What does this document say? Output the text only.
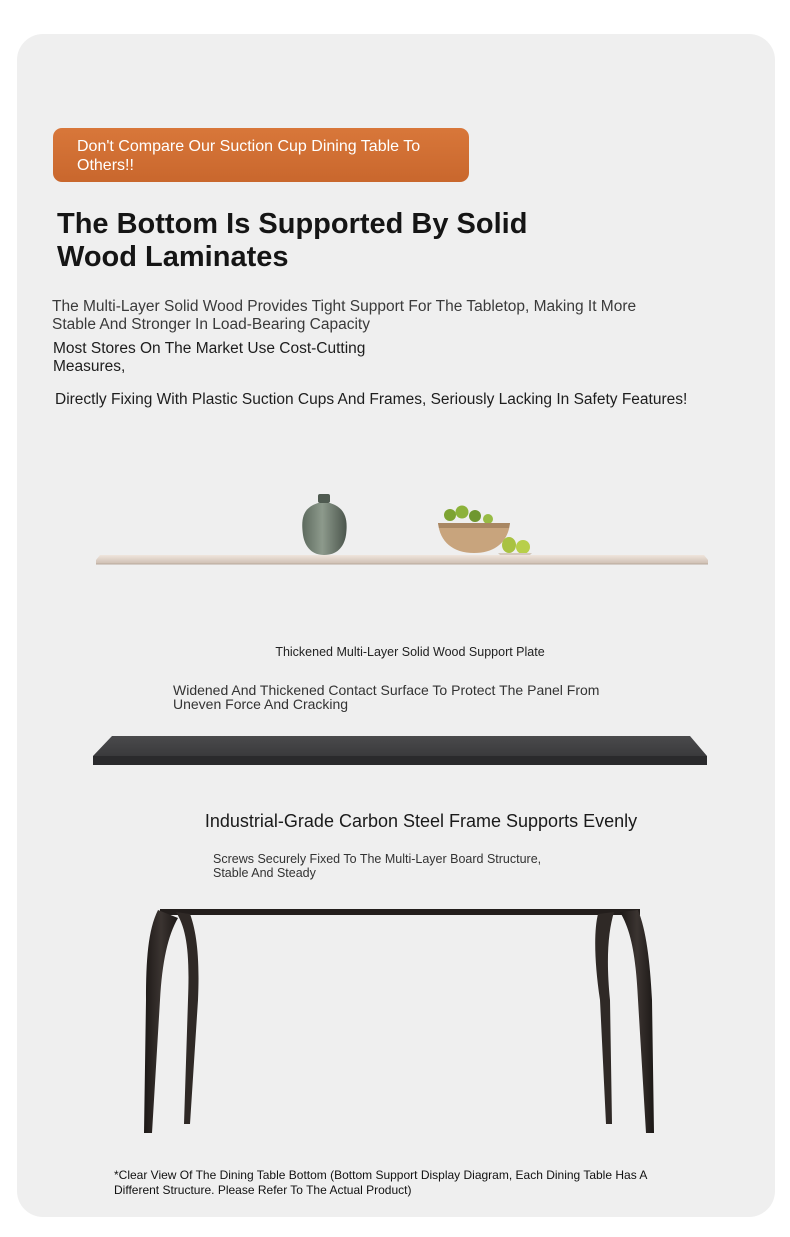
Don't Compare Our Suction Cup Dining Table To Others!!
The Bottom Is Supported By Solid Wood Laminates

The Multi-Layer Solid Wood Provides Tight Support For The Tabletop, Making It More Stable And Stronger In Load-Bearing Capacity

Most Stores On The Market Use Cost-Cutting Measures,

Directly Fixing With Plastic Suction Cups And Frames, Seriously Lacking In Safety Features!

Thickened Multi-Layer Solid Wood Support Plate

Widened And Thickened Contact Surface To Protect The Panel From Uneven Force And Cracking

Industrial-Grade Carbon Steel Frame Supports Evenly

Screws Securely Fixed To The Multi-Layer Board Structure, Stable And Steady

*Clear View Of The Dining Table Bottom (Bottom Support Display Diagram, Each Dining Table Has A Different Structure. Please Refer To The Actual Product)
